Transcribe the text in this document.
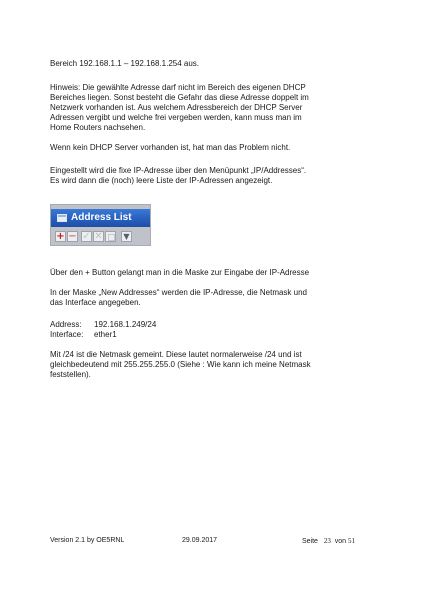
Bereich 192.168.1.1 – 192.168.1.254 aus.
Hinweis: Die gewählte Adresse darf nicht im Bereich des eigenen DHCP
Bereiches liegen. Sonst besteht die Gefahr das diese Adresse doppelt im
Netzwerk vorhanden ist. Aus welchem Adressbereich der DHCP Server
Adressen vergibt und welche frei vergeben werden, kann muss man im
Home Routers nachsehen.
Wenn kein DHCP Server vorhanden ist, hat man das Problem nicht.
Eingestellt wird die fixe IP-Adresse über den Menüpunkt „IP/Addresses“.
Es wird dann die (noch) leere Liste der IP-Adressen angezeigt.
Address List
+ − ✓ ✕	▼
Über den + Button gelangt man in die Maske zur Eingabe der IP-Adresse
In der Maske „New Addresses“ werden die IP-Adresse, die Netmask und
das Interface angegeben.
Address: 192.168.1.249/24
Interface: ether1
Mit /24 ist die Netmask gemeint. Diese lautet normalerweise /24 und ist
gleichbedeutend mit 255.255.255.0 (Siehe : Wie kann ich meine Netmask
feststellen).
Version 2.1 by OE5RNL	29.09.2017	Seite 23 von 51
